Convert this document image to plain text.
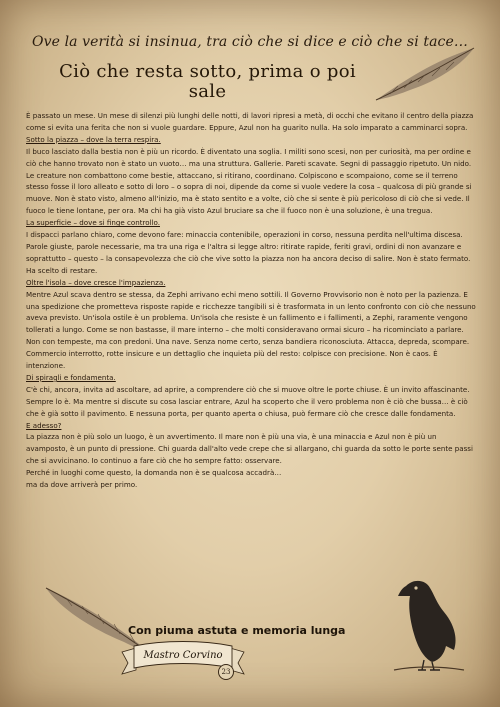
Ove la verità si insinua, tra ciò che si dice e ciò che si tace…
Ciò che resta sotto, prima o poi
sale

È passato un mese. Un mese di silenzi più lunghi delle notti, di lavori ripresi a metà, di occhi che evitano il centro della piazza come si evita una ferita che non si vuole guardare. Eppure, Azul non ha guarito nulla. Ha solo imparato a camminarci sopra.

Sotto la piazza – dove la terra respira.

Il buco lasciato dalla bestia non è più un ricordo. È diventato una soglia. I militi sono scesi, non per curiosità, ma per ordine e ciò che hanno trovato non è stato un vuoto… ma una struttura. Gallerie. Pareti scavate. Segni di passaggio ripetuto. Un nido. Le creature non combattono come bestie, attaccano, si ritirano, coordinano. Colpiscono e scompaiono, come se il terreno stesso fosse il loro alleato e sotto di loro – o sopra di noi, dipende da come si vuole vedere la cosa – qualcosa di più grande si muove. Non è stato visto, almeno all'inizio, ma è stato sentito e a volte, ciò che si sente è più pericoloso di ciò che si vede. Il fuoco le tiene lontane, per ora. Ma chi ha già visto Azul bruciare sa che il fuoco non è una soluzione, è una tregua.

La superficie – dove si finge controllo.

I dispacci parlano chiaro, come devono fare: minaccia contenibile, operazioni in corso, nessuna perdita nell'ultima discesa. Parole giuste, parole necessarie, ma tra una riga e l'altra si legge altro: ritirate rapide, feriti gravi, ordini di non avanzare e soprattutto – questo – la consapevolezza che ciò che vive sotto la piazza non ha ancora deciso di salire. Non è stato fermato. Ha scelto di restare.

Oltre l'isola – dove cresce l'impazienza.

Mentre Azul scava dentro se stessa, da Zephi arrivano echi meno sottili. Il Governo Provvisorio non è noto per la pazienza. E una spedizione che prometteva risposte rapide e ricchezze tangibili si è trasformata in un lento confronto con ciò che nessuno aveva previsto. Un'isola ostile è un problema. Un'isola che resiste è un fallimento e i fallimenti, a Zephi, raramente vengono tollerati a lungo. Come se non bastasse, il mare interno – che molti consideravano ormai sicuro – ha ricominciato a parlare. Non con tempeste, ma con predoni. Una nave. Senza nome certo, senza bandiera riconosciuta. Attacca, depreda, scompare. Commercio interrotto, rotte insicure e un dettaglio che inquieta più del resto: colpisce con precisione. Non è caos. È intenzione.

Di spiragli e fondamenta.

C'è chi, ancora, invita ad ascoltare, ad aprire, a comprendere ciò che si muove oltre le porte chiuse. È un invito affascinante. Sempre lo è. Ma mentre si discute su cosa lasciar entrare, Azul ha scoperto che il vero problema non è ciò che bussa… è ciò che è già sotto il pavimento. E nessuna porta, per quanto aperta o chiusa, può fermare ciò che cresce dalle fondamenta.

E adesso?

La piazza non è più solo un luogo, è un avvertimento. Il mare non è più una via, è una minaccia e Azul non è più un avamposto, è un punto di pressione. Chi guarda dall'alto vede crepe che si allargano, chi guarda da sotto le porte sente passi che si avvicinano. Io continuo a fare ciò che ho sempre fatto: osservare.

Perché in luoghi come questo, la domanda non è se qualcosa accadrà…

ma da dove arriverà per primo.

Con piuma astuta e memoria lunga
Mastro Corvino
23
